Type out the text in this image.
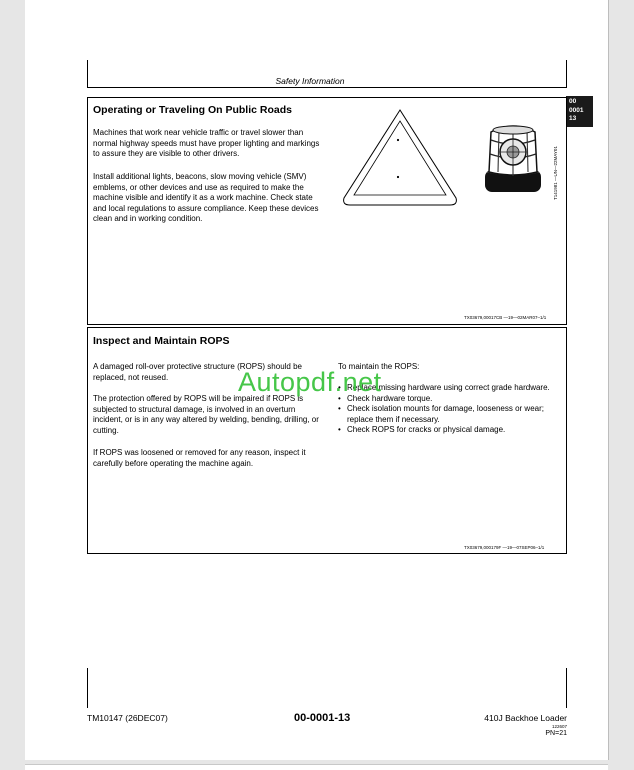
Safety Information
00
0001
13
Operating or Traveling On Public Roads

Machines that work near vehicle traffic or travel slower than normal highway speeds must have proper lighting and markings to assure they are visible to other drivers.

Install additional lights, beacons, slow moving vehicle (SMV) emblems, or other devices and use as required to make the machine visible and identify it as a work machine. Check state and local regulations to assure compliance. Keep these devices clean and in working condition.

T141981 —UN—22MAY01
TX03679,00017CB —19—02MAR07–1/1
Inspect and Maintain ROPS

A damaged roll-over protective structure (ROPS) should be replaced, not reused.

The protection offered by ROPS will be impaired if ROPS is subjected to structural damage, is involved in an overturn incident, or is in any way altered by welding, bending, drilling, or cutting.

If ROPS was loosened or removed for any reason, inspect it carefully before operating the machine again.

To maintain the ROPS:
• Replace missing hardware using correct grade hardware.
• Check hardware torque.
• Check isolation mounts for damage, looseness or wear; replace them if necessary.
• Check ROPS for cracks or physical damage.
Autopdf.net
TX03679,000179F —19—07SEP06–1/1
TM10147 (26DEC07)	00-0001-13	410J Backhoe Loader
122607
PN=21
